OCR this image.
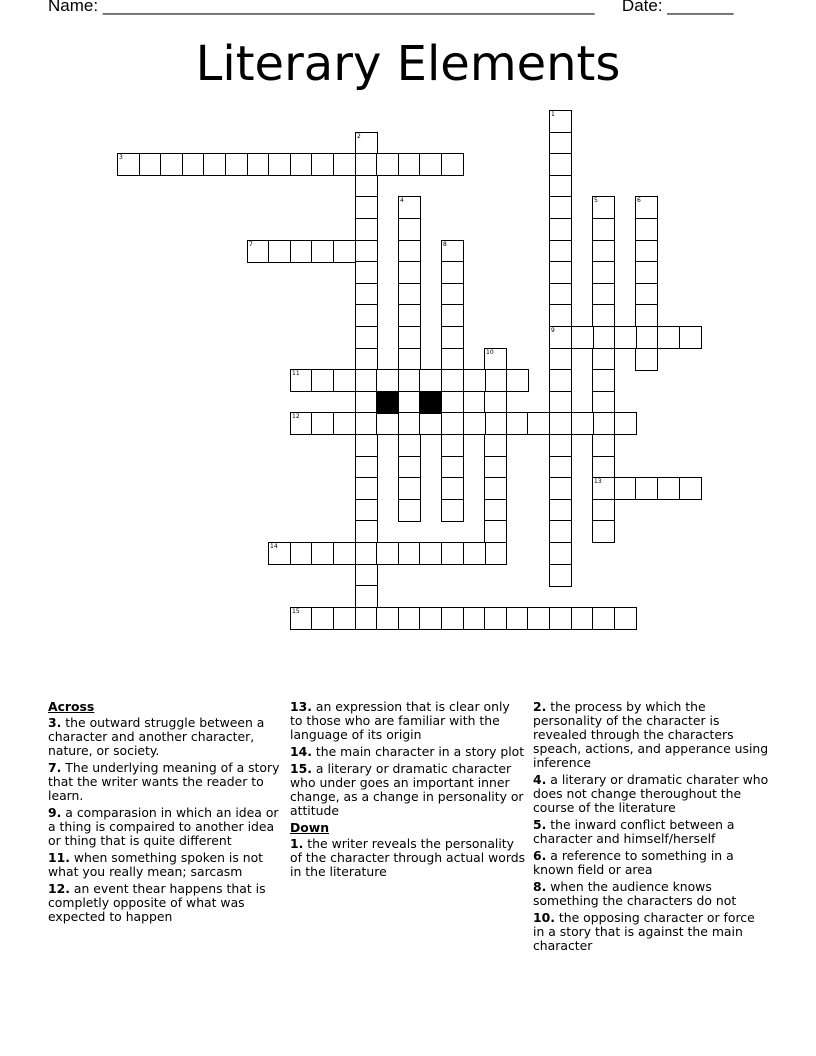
Name: ____________________________________________________ Date: _______
Literary Elements
1
9
2
3
4	5
13
6
7	8
10
11
12
14
15
Across
3. the outward struggle between a character and another character, nature, or society.
7. The underlying meaning of a story that the writer wants the reader to learn.
9. a comparasion in which an idea or a thing is compaired to another idea or thing that is quite different
11. when something spoken is not what you really mean; sarcasm
12. an event thear happens that is completly opposite of what was expected to happen
13. an expression that is clear only to those who are familiar with the language of its origin
14. the main character in a story plot
15. a literary or dramatic character who under goes an important inner change, as a change in personality or attitude
Down
1. the writer reveals the personality of the character through actual words in the literature
2. the process by which the personality of the character is revealed through the characters speach, actions, and apperance using inference
4. a literary or dramatic charater who does not change theroughout the course of the literature
5. the inward conflict between a character and himself/herself
6. a reference to something in a known field or area
8. when the audience knows something the characters do not
10. the opposing character or force in a story that is against the main character
